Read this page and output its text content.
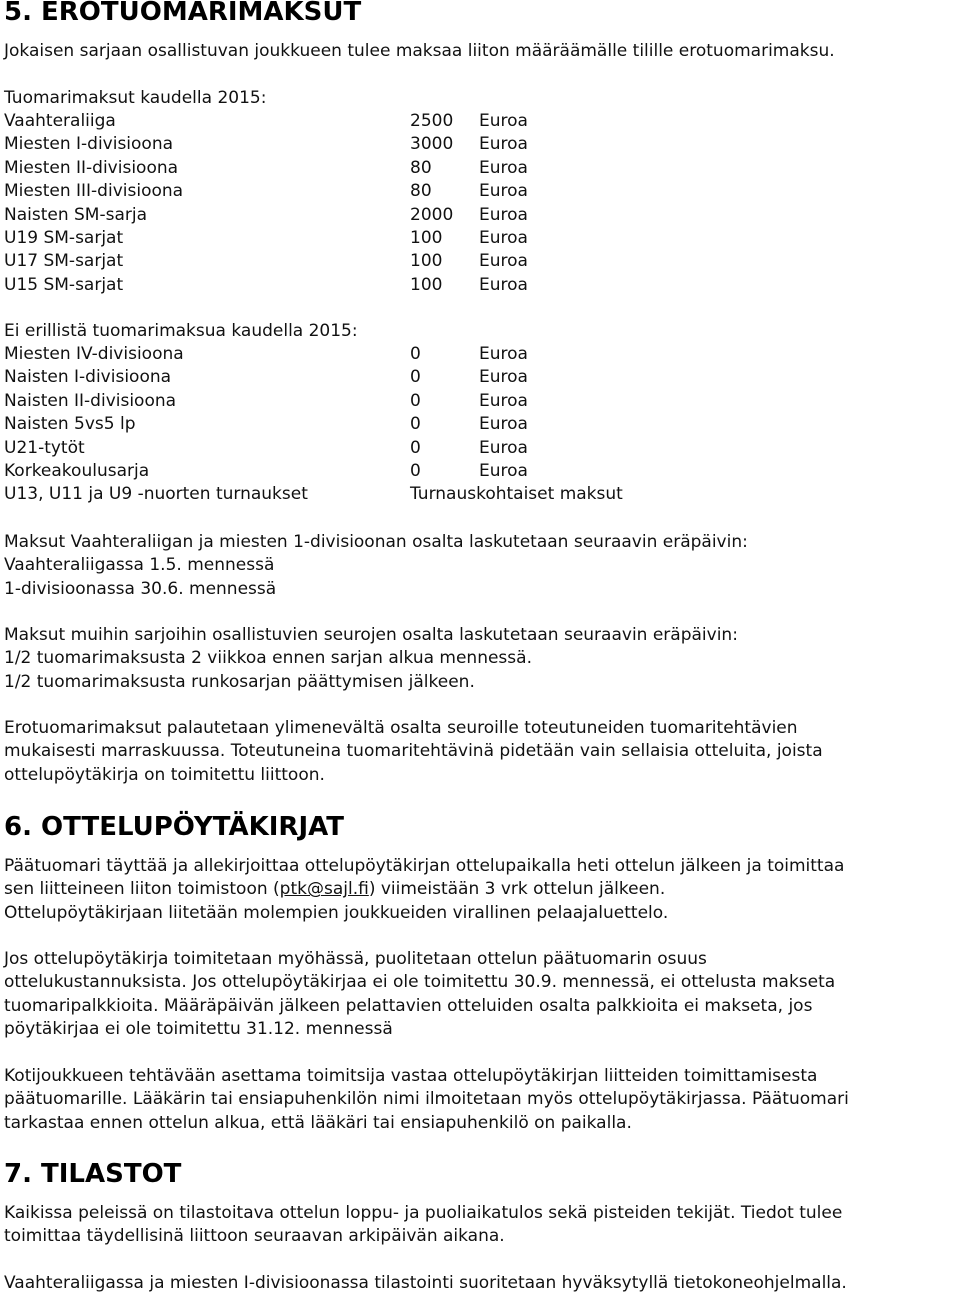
5. EROTUOMARIMAKSUT
Jokaisen sarjaan osallistuvan joukkueen tulee maksaa liiton määräämälle tilille erotuomarimaksu.
Tuomarimaksut kaudella 2015:
Vaahteraliiga	2500	Euroa
Miesten I-divisioona	3000	Euroa
Miesten II-divisioona	80	Euroa
Miesten III-divisioona	80	Euroa
Naisten SM-sarja	2000	Euroa
U19 SM-sarjat	100	Euroa
U17 SM-sarjat	100	Euroa
U15 SM-sarjat	100	Euroa
Ei erillistä tuomarimaksua kaudella 2015:
Miesten IV-divisioona	0	Euroa
Naisten I-divisioona	0	Euroa
Naisten II-divisioona	0	Euroa
Naisten 5vs5 lp	0	Euroa
U21-tytöt	0	Euroa
Korkeakoulusarja	0	Euroa
U13, U11 ja U9 -nuorten turnaukset	Turnauskohtaiset maksut
Maksut Vaahteraliigan ja miesten 1-divisioonan osalta laskutetaan seuraavin eräpäivin:
Vaahteraliigassa 1.5. mennessä
1-divisioonassa 30.6. mennessä
Maksut muihin sarjoihin osallistuvien seurojen osalta laskutetaan seuraavin eräpäivin:
1/2 tuomarimaksusta 2 viikkoa ennen sarjan alkua mennessä.
1/2 tuomarimaksusta runkosarjan päättymisen jälkeen.
Erotuomarimaksut palautetaan ylimenevältä osalta seuroille toteutuneiden tuomaritehtävien
mukaisesti marraskuussa. Toteutuneina tuomaritehtävinä pidetään vain sellaisia otteluita, joista
ottelupöytäkirja on toimitettu liittoon.
6. OTTELUPÖYTÄKIRJAT
Päätuomari täyttää ja allekirjoittaa ottelupöytäkirjan ottelupaikalla heti ottelun jälkeen ja toimittaa
sen liitteineen liiton toimistoon (ptk@sajl.fi) viimeistään 3 vrk ottelun jälkeen.
Ottelupöytäkirjaan liitetään molempien joukkueiden virallinen pelaajaluettelo.
Jos ottelupöytäkirja toimitetaan myöhässä, puolitetaan ottelun päätuomarin osuus
ottelukustannuksista. Jos ottelupöytäkirjaa ei ole toimitettu 30.9. mennessä, ei ottelusta makseta
tuomaripalkkioita. Määräpäivän jälkeen pelattavien otteluiden osalta palkkioita ei makseta, jos
pöytäkirjaa ei ole toimitettu 31.12. mennessä
Kotijoukkueen tehtävään asettama toimitsija vastaa ottelupöytäkirjan liitteiden toimittamisesta
päätuomarille. Lääkärin tai ensiapuhenkilön nimi ilmoitetaan myös ottelupöytäkirjassa. Päätuomari
tarkastaa ennen ottelun alkua, että lääkäri tai ensiapuhenkilö on paikalla.
7. TILASTOT
Kaikissa peleissä on tilastoitava ottelun loppu- ja puoliaikatulos sekä pisteiden tekijät. Tiedot tulee
toimittaa täydellisinä liittoon seuraavan arkipäivän aikana.
Vaahteraliigassa ja miesten I-divisioonassa tilastointi suoritetaan hyväksytyllä tietokoneohjelmalla.
